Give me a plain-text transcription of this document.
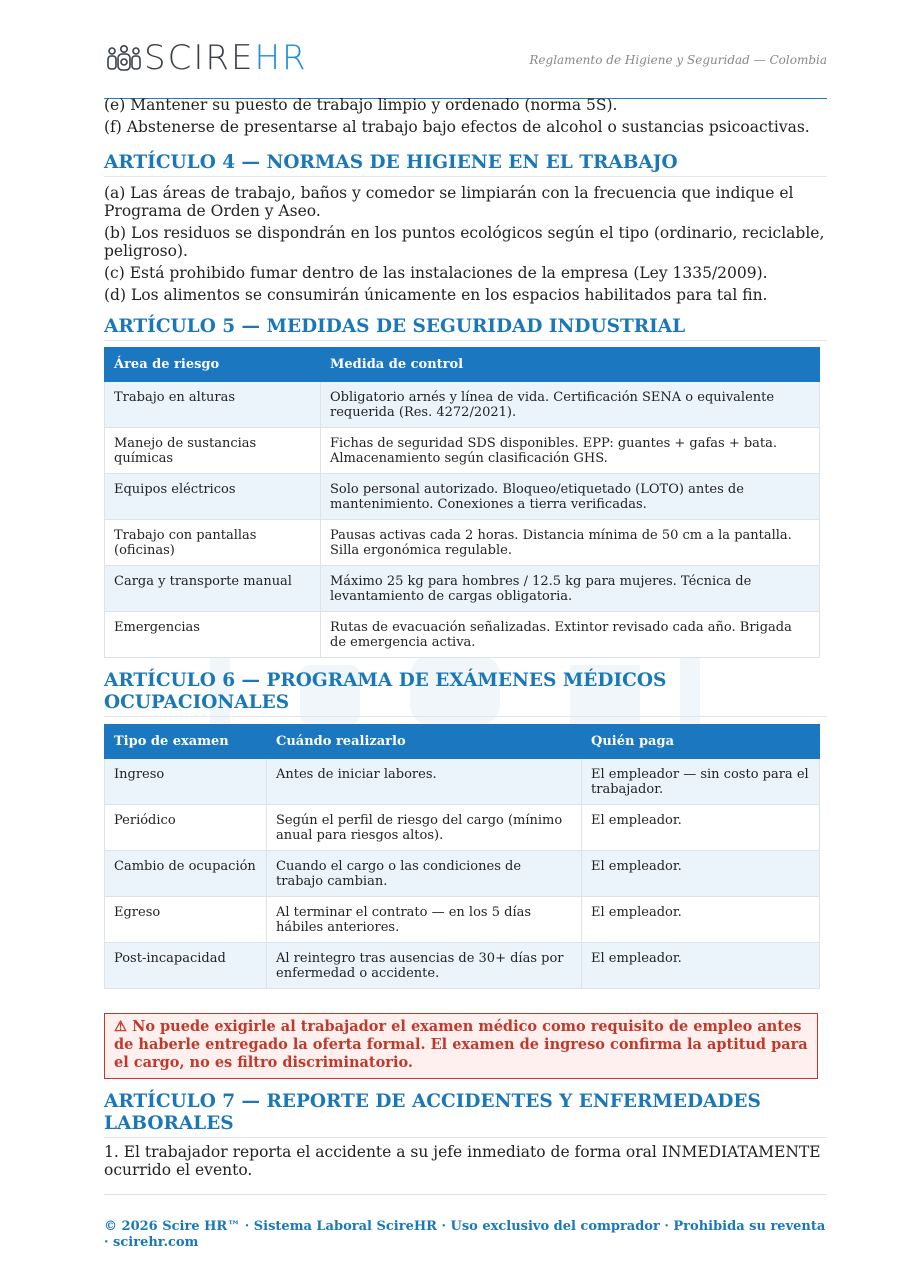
SCIREHR	Reglamento de Higiene y Seguridad — Colombia

(e) Mantener su puesto de trabajo limpio y ordenado (norma 5S).

(f) Abstenerse de presentarse al trabajo bajo efectos de alcohol o sustancias psicoactivas.

ARTÍCULO 4 — NORMAS DE HIGIENE EN EL TRABAJO

(a) Las áreas de trabajo, baños y comedor se limpiarán con la frecuencia que indique el Programa de Orden y Aseo.

(b) Los residuos se dispondrán en los puntos ecológicos según el tipo (ordinario, reciclable, peligroso).

(c) Está prohibido fumar dentro de las instalaciones de la empresa (Ley 1335/2009).

(d) Los alimentos se consumirán únicamente en los espacios habilitados para tal fin.

ARTÍCULO 5 — MEDIDAS DE SEGURIDAD INDUSTRIAL
Área de riesgo	Medida de control
Trabajo en alturas	Obligatorio arnés y línea de vida. Certificación SENA o equivalente requerida (Res. 4272/2021).
Manejo de sustancias químicas	Fichas de seguridad SDS disponibles. EPP: guantes + gafas + bata. Almacenamiento según clasificación GHS.
Equipos eléctricos	Solo personal autorizado. Bloqueo/etiquetado (LOTO) antes de mantenimiento. Conexiones a tierra verificadas.
Trabajo con pantallas (oficinas)	Pausas activas cada 2 horas. Distancia mínima de 50 cm a la pantalla. Silla ergonómica regulable.
Carga y transporte manual	Máximo 25 kg para hombres / 12.5 kg para mujeres. Técnica de levantamiento de cargas obligatoria.
Emergencias	Rutas de evacuación señalizadas. Extintor revisado cada año. Brigada de emergencia activa.
ARTÍCULO 6 — PROGRAMA DE EXÁMENES MÉDICOS OCUPACIONALES
Tipo de examen	Cuándo realizarlo	Quién paga
Ingreso	Antes de iniciar labores.	El empleador — sin costo para el trabajador.
Periódico	Según el perfil de riesgo del cargo (mínimo anual para riesgos altos).	El empleador.
Cambio de ocupación	Cuando el cargo o las condiciones de trabajo cambian.	El empleador.
Egreso	Al terminar el contrato — en los 5 días hábiles anteriores.	El empleador.
Post-incapacidad	Al reintegro tras ausencias de 30+ días por enfermedad o accidente.	El empleador.
⚠ No puede exigirle al trabajador el examen médico como requisito de empleo antes de haberle entregado la oferta formal. El examen de ingreso confirma la aptitud para el cargo, no es filtro discriminatorio.
ARTÍCULO 7 — REPORTE DE ACCIDENTES Y ENFERMEDADES LABORALES

1. El trabajador reporta el accidente a su jefe inmediato de forma oral INMEDIATAMENTE ocurrido el evento.

© 2026 Scire HR™ · Sistema Laboral ScireHR · Uso exclusivo del comprador · Prohibida su reventa · scirehr.com
